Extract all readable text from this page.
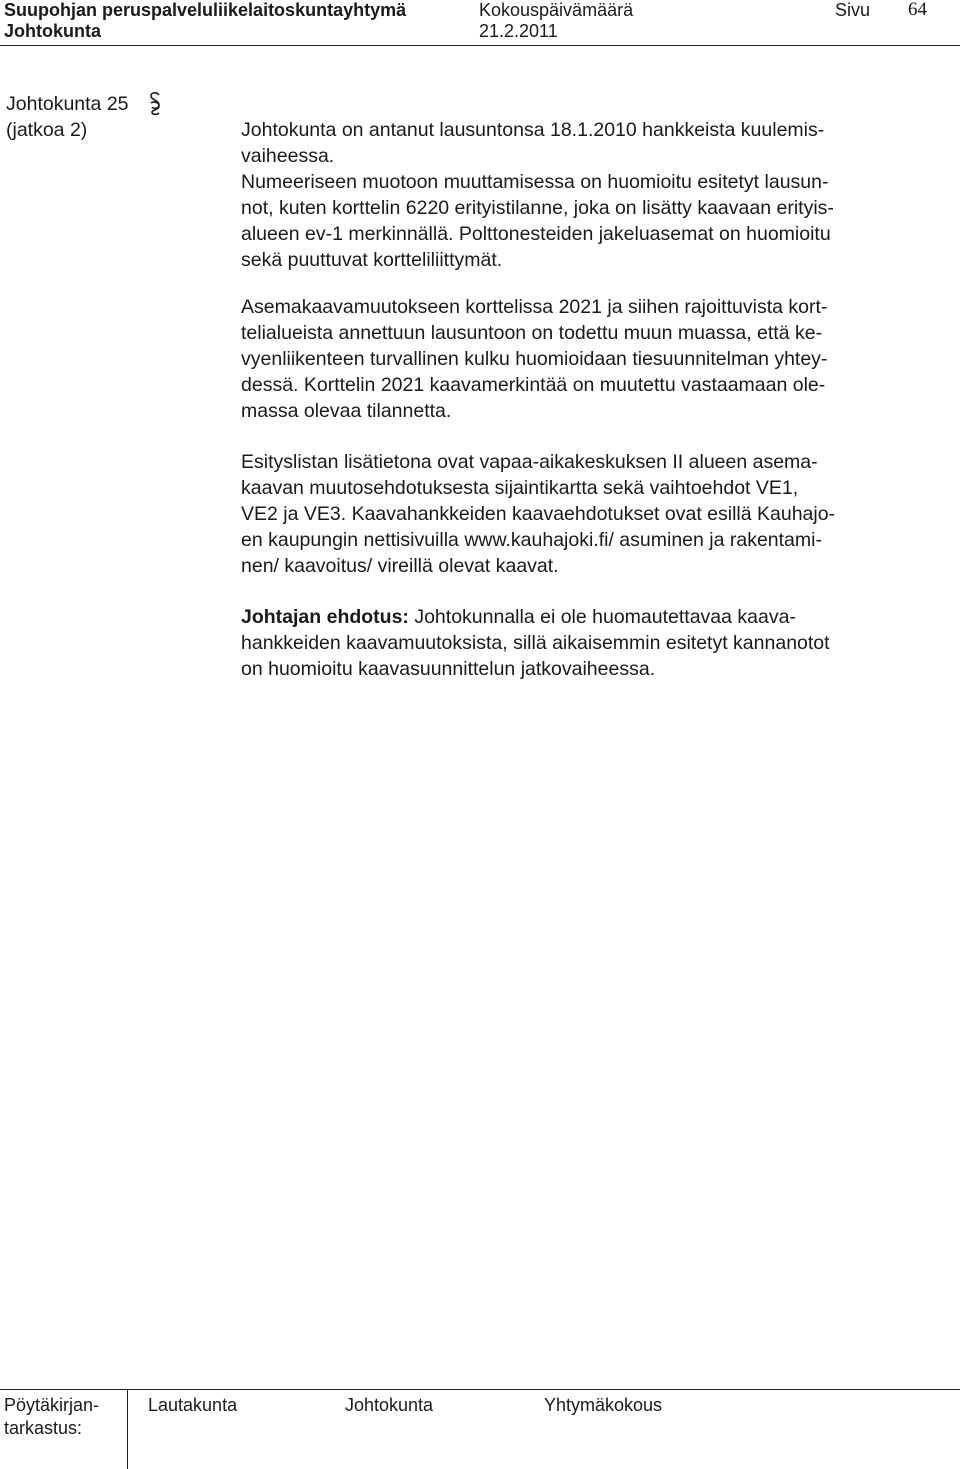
Suupohjan peruspalveluliikelaitoskuntayhtymä
Johtokunta
Kokouspäivämäärä
21.2.2011
Sivu 64
Johtokunta 25
(jatkoa 2)	Johtokunta on antanut lausuntonsa 18.1.2010 hankkeista kuulemis-
vaiheessa.
Numeeriseen muotoon muuttamisessa on huomioitu esitetyt lausun-
not, kuten korttelin 6220 erityistilanne, joka on lisätty kaavaan erityis-
alueen ev-1 merkinnällä. Polttonesteiden jakeluasemat on huomioitu
sekä puuttuvat kortteliliittymät.
Asemakaavamuutokseen korttelissa 2021 ja siihen rajoittuvista kort-
telialueista annettuun lausuntoon on todettu muun muassa, että ke-
vyenliikenteen turvallinen kulku huomioidaan tiesuunnitelman yhtey-
dessä. Korttelin 2021 kaavamerkintää on muutettu vastaamaan ole-
massa olevaa tilannetta.
Esityslistan lisätietona ovat vapaa-aikakeskuksen II alueen asema-
kaavan muutosehdotuksesta sijaintikartta sekä vaihtoehdot VE1,
VE2 ja VE3. Kaavahankkeiden kaavaehdotukset ovat esillä Kauhajo-
en kaupungin nettisivuilla www.kauhajoki.fi/ asuminen ja rakentami-
nen/ kaavoitus/ vireillä olevat kaavat.
Johtajan ehdotus: Johtokunnalla ei ole huomautettavaa kaava-
hankkeiden kaavamuutoksista, sillä aikaisemmin esitetyt kannanotot
on huomioitu kaavasuunnittelun jatkovaiheessa.
Pöytäkirjan-
tarkastus:
Lautakunta	Johtokunta	Yhtymäkokous
